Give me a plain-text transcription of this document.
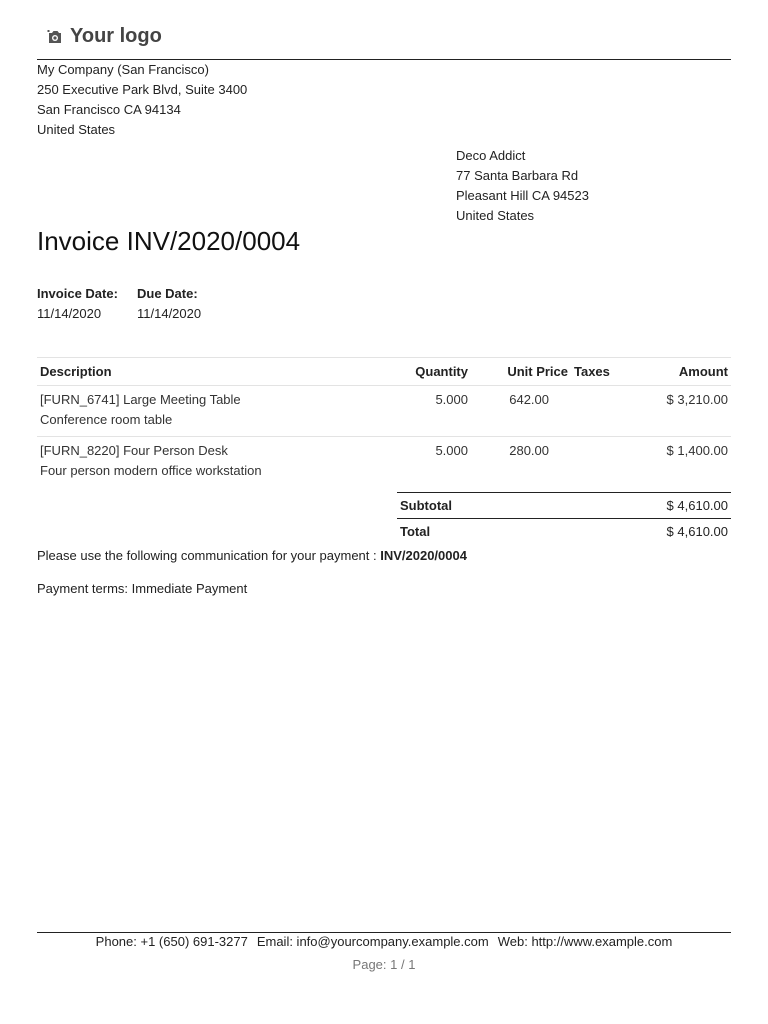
Your logo
My Company (San Francisco)
250 Executive Park Blvd, Suite 3400
San Francisco CA 94134
United States
Deco Addict
77 Santa Barbara Rd
Pleasant Hill CA 94523
United States
Invoice INV/2020/0004
Invoice Date:
11/14/2020
Due Date:
11/14/2020
Description	Quantity	Unit Price	Taxes	Amount

[FURN_6741] Large Meeting Table
Conference room table	5.000	642.00		$ 3,210.00

[FURN_8220] Four Person Desk
Four person modern office workstation	5.000	280.00		$ 1,400.00
Subtotal	$ 4,610.00
Total	$ 4,610.00
Please use the following communication for your payment : INV/2020/0004
Payment terms: Immediate Payment
Phone: +1 (650) 691-3277 Email: info@yourcompany.example.com Web: http://www.example.com
Page: 1 / 1
